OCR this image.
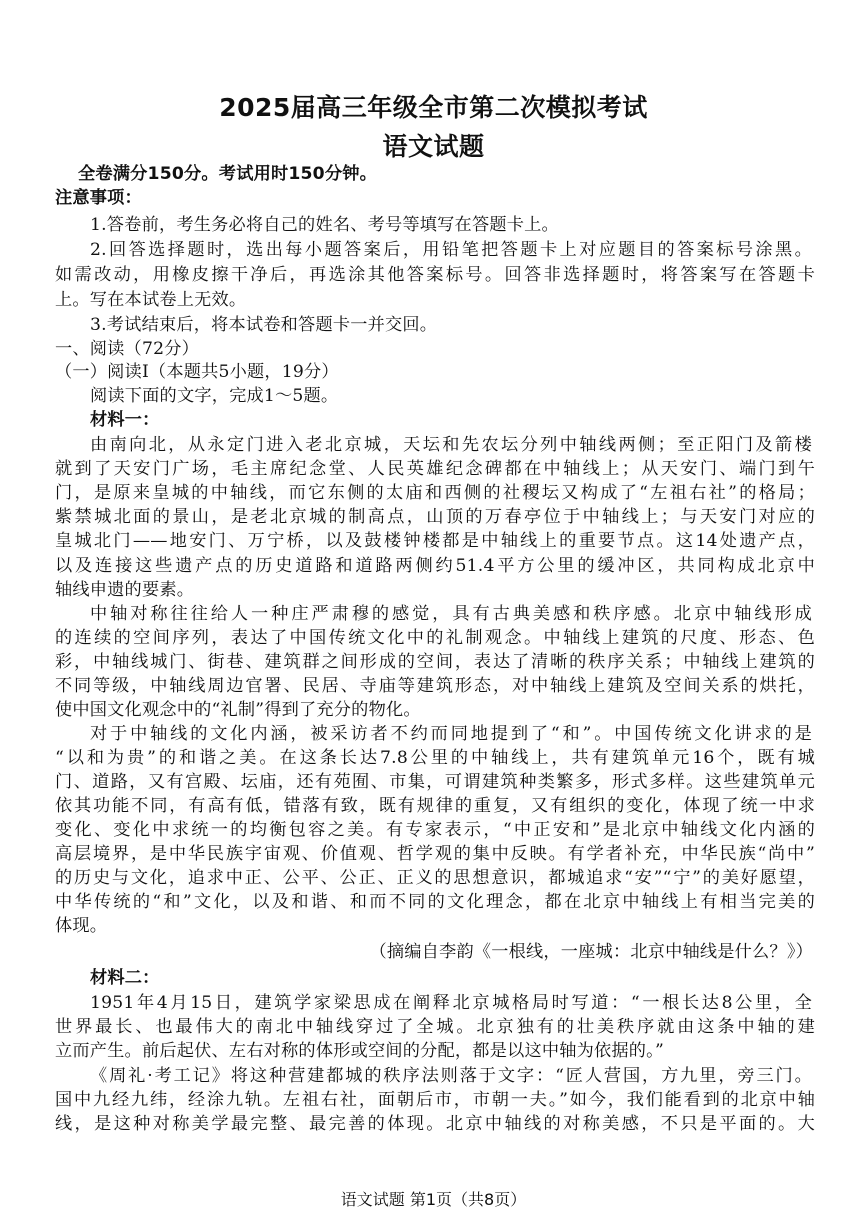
2025届高三年级全市第二次模拟考试
语文试题
全卷满分150分。考试用时150分钟。
注意事项：
1.答卷前，考生务必将自己的姓名、考号等填写在答题卡上。
2.回答选择题时，选出每小题答案后，用铅笔把答题卡上对应题目的答案标号涂黑。
如需改动，用橡皮擦干净后，再选涂其他答案标号。回答非选择题时，将答案写在答题卡
上。写在本试卷上无效。
3.考试结束后，将本试卷和答题卡一并交回。
一、阅读（72分）
（一）阅读Ⅰ（本题共5小题，19分）
阅读下面的文字，完成1～5题。
材料一：
由南向北，从永定门进入老北京城，天坛和先农坛分列中轴线两侧；至正阳门及箭楼
就到了天安门广场，毛主席纪念堂、人民英雄纪念碑都在中轴线上；从天安门、端门到午
门，是原来皇城的中轴线，而它东侧的太庙和西侧的社稷坛又构成了“左祖右社”的格局；
紫禁城北面的景山，是老北京城的制高点，山顶的万春亭位于中轴线上；与天安门对应的
皇城北门——地安门、万宁桥，以及鼓楼钟楼都是中轴线上的重要节点。这14处遗产点，
以及连接这些遗产点的历史道路和道路两侧约51.4平方公里的缓冲区，共同构成北京中
轴线申遗的要素。
中轴对称往往给人一种庄严肃穆的感觉，具有古典美感和秩序感。北京中轴线形成
的连续的空间序列，表达了中国传统文化中的礼制观念。中轴线上建筑的尺度、形态、色
彩，中轴线城门、街巷、建筑群之间形成的空间，表达了清晰的秩序关系；中轴线上建筑的
不同等级，中轴线周边官署、民居、寺庙等建筑形态，对中轴线上建筑及空间关系的烘托，
使中国文化观念中的“礼制”得到了充分的物化。
对于中轴线的文化内涵，被采访者不约而同地提到了“和”。中国传统文化讲求的是
“以和为贵”的和谐之美。在这条长达7.8公里的中轴线上，共有建筑单元16个，既有城
门、道路，又有宫殿、坛庙，还有苑囿、市集，可谓建筑种类繁多，形式多样。这些建筑单元
依其功能不同，有高有低，错落有致，既有规律的重复，又有组织的变化，体现了统一中求
变化、变化中求统一的均衡包容之美。有专家表示，“中正安和”是北京中轴线文化内涵的
高层境界，是中华民族宇宙观、价值观、哲学观的集中反映。有学者补充，中华民族“尚中”
的历史与文化，追求中正、公平、公正、正义的思想意识，都城追求“安”“宁”的美好愿望，
中华传统的“和”文化，以及和谐、和而不同的文化理念，都在北京中轴线上有相当完美的
体现。
（摘编自李韵《一根线，一座城：北京中轴线是什么？》）
材料二：
1951年4月15日，建筑学家梁思成在阐释北京城格局时写道：“一根长达8公里，全
世界最长、也最伟大的南北中轴线穿过了全城。北京独有的壮美秩序就由这条中轴的建
立而产生。前后起伏、左右对称的体形或空间的分配，都是以这中轴为依据的。”
《周礼·考工记》将这种营建都城的秩序法则落于文字：“匠人营国，方九里，旁三门。
国中九经九纬，经涂九轨。左祖右社，面朝后市，市朝一夫。”如今，我们能看到的北京中轴
线，是这种对称美学最完整、最完善的体现。北京中轴线的对称美感，不只是平面的。大
语文试题 第1页（共8页）
